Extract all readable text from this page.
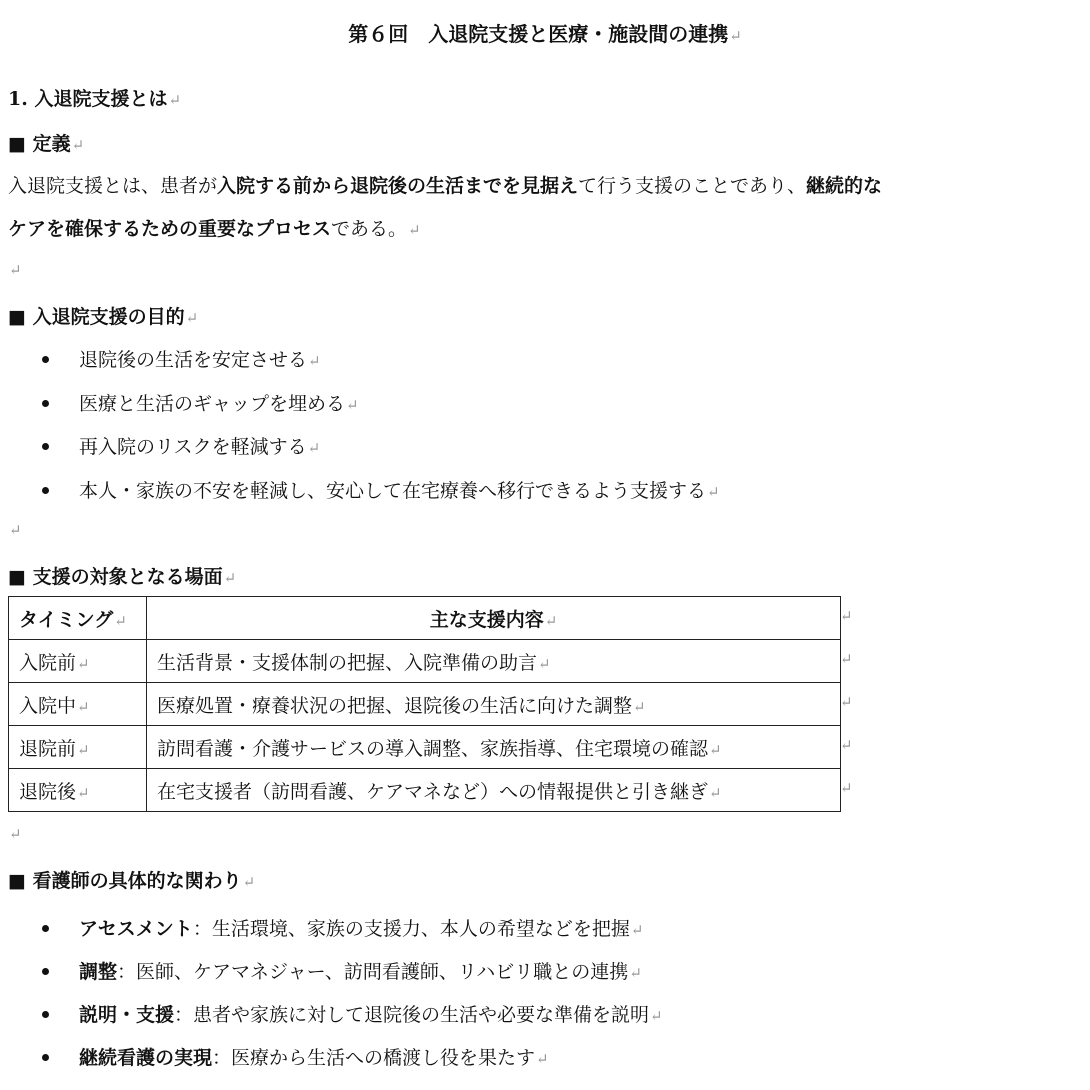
第６回　入退院支援と医療・施設間の連携↵
1. 入退院支援とは↵
■ 定義↵
入退院支援とは、患者が入院する前から退院後の生活までを見据えて行う支援のことであり、継続的な
ケアを確保するための重要なプロセスである。↵
↵
■ 入退院支援の目的↵
退院後の生活を安定させる↵
医療と生活のギャップを埋める↵
再入院のリスクを軽減する↵
本人・家族の不安を軽減し、安心して在宅療養へ移行できるよう支援する↵
↵
■ 支援の対象となる場面↵
タイミング↵	主な支援内容↵
入院前↵	生活背景・支援体制の把握、入院準備の助言↵
入院中↵	医療処置・療養状況の把握、退院後の生活に向けた調整↵
退院前↵	訪問看護・介護サービスの導入調整、家族指導、住宅環境の確認↵
退院後↵	在宅支援者（訪問看護、ケアマネなど）への情報提供と引き継ぎ↵
↵
↵
↵
↵
↵
↵
■ 看護師の具体的な関わり↵
アセスメント：生活環境、家族の支援力、本人の希望などを把握↵
調整：医師、ケアマネジャー、訪問看護師、リハビリ職との連携↵
説明・支援：患者や家族に対して退院後の生活や必要な準備を説明↵
継続看護の実現：医療から生活への橋渡し役を果たす↵
